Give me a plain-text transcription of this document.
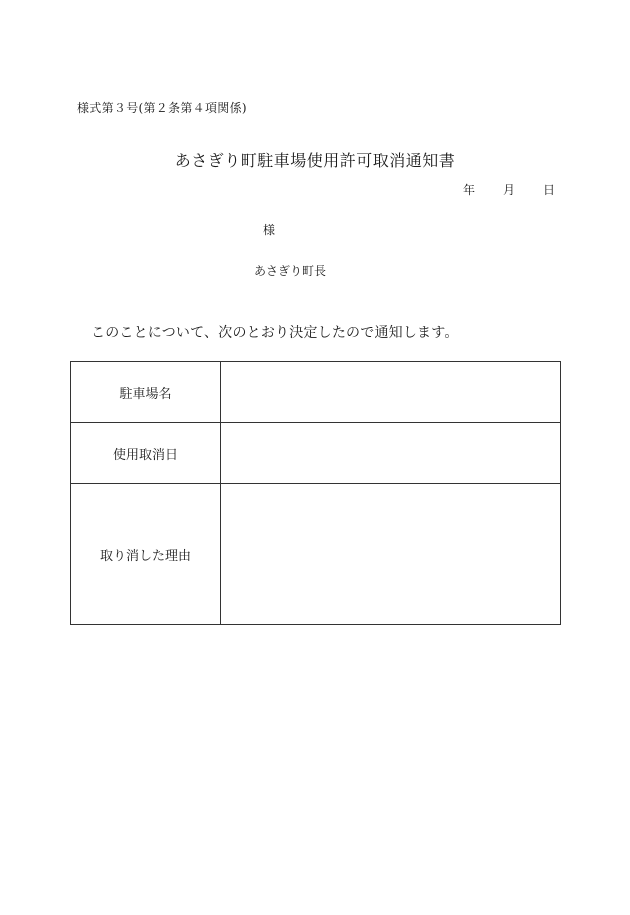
様式第３号(第２条第４項関係)
あさぎり町駐車場使用許可取消通知書
年 月 日
様
あさぎり町長
このことについて、次のとおり決定したので通知します。
駐車場名	
使用取消日	
取り消した理由	
